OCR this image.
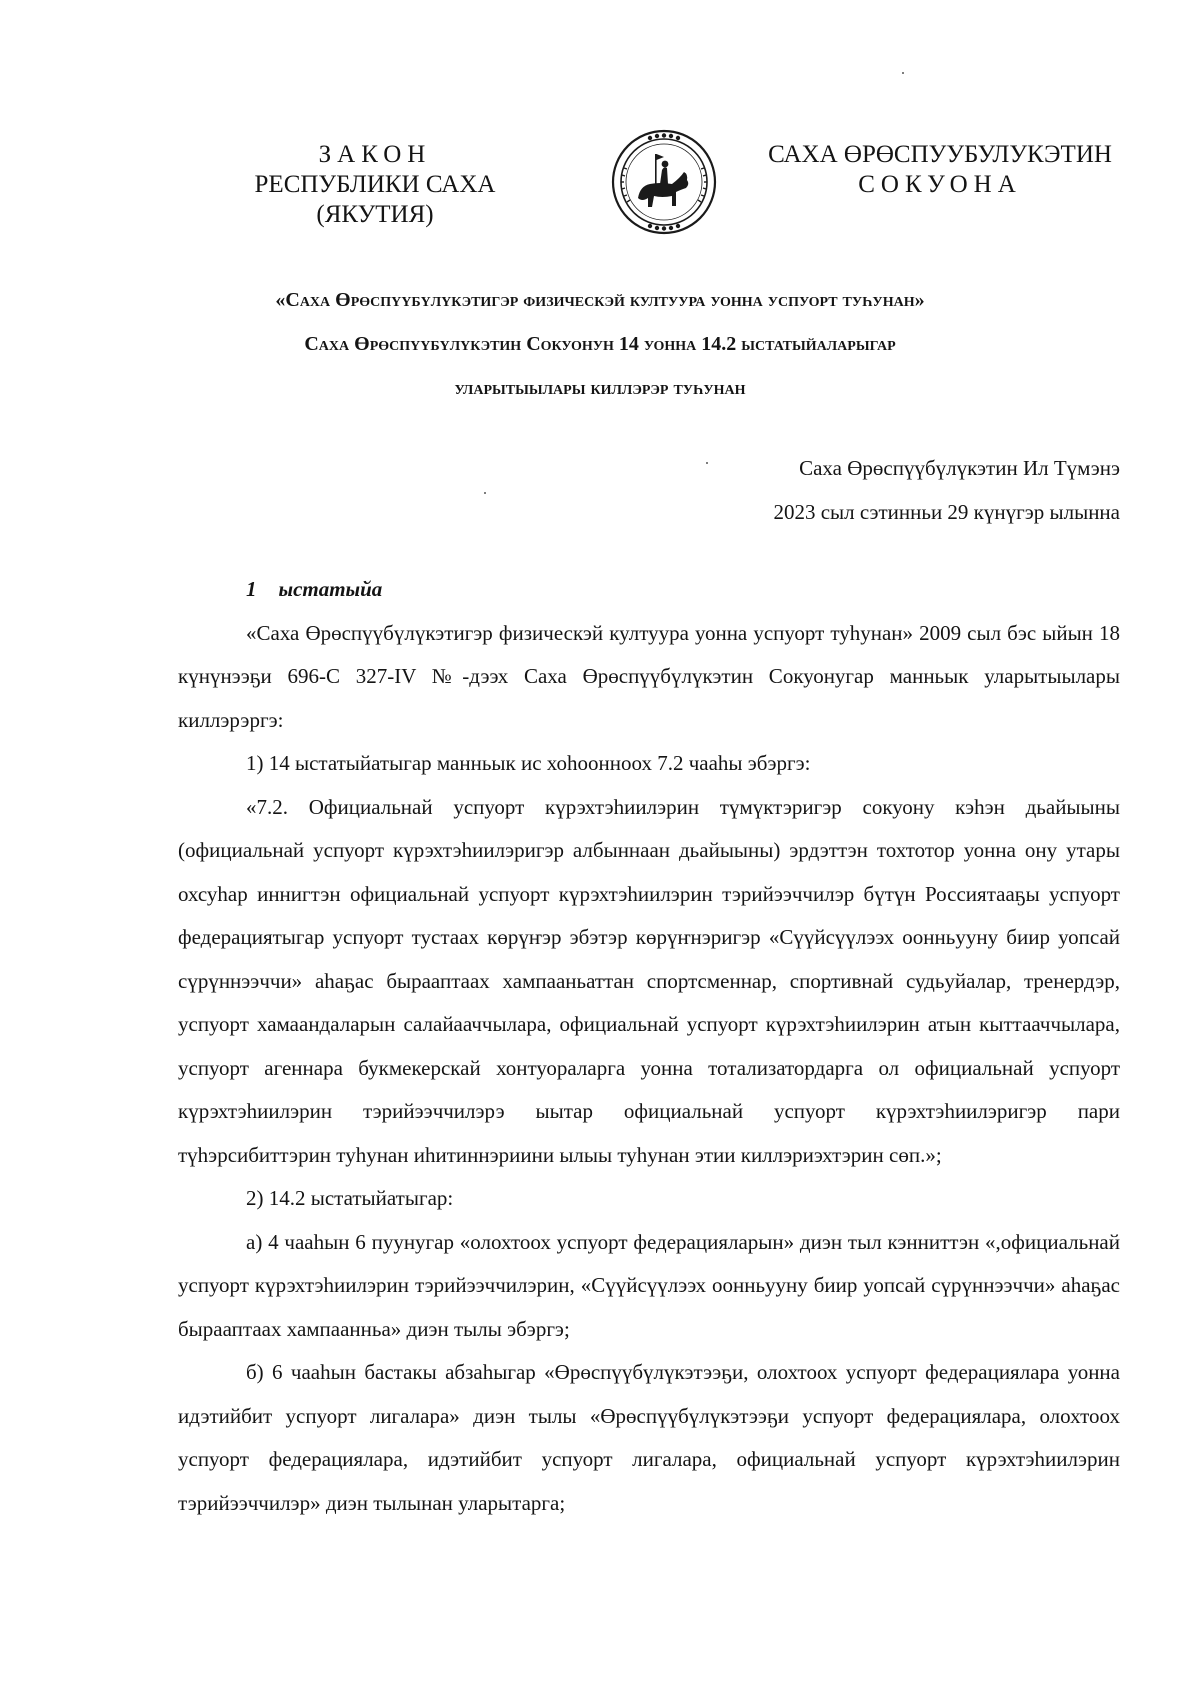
ЗАКОН
РЕСПУБЛИКИ САХА (ЯКУТИЯ)
САХА ӨРӨСПУУБУЛУКЭТИН
СОКУОНА
«Саха Өрөспүүбүлүкэтигэр физическэй култуура уонна успуорт туһунан»
Саха Өрөспүүбүлүкэтин Сокуонун 14 уонна 14.2 ыстатыйаларыгар
уларытыылары киллэрэр туһунан
Саха Өрөспүүбүлүкэтин Ил Түмэнэ
2023 сыл сэтинньи 29 күнүгэр ылынна

1 ыстатыйа

«Саха Өрөспүүбүлүкэтигэр физическэй култуура уонна успуорт туһунан» 2009 сыл бэс ыйын 18 күнүнээҕи 696-С 327-IV №-дээх Саха Өрөспүүбүлүкэтин Сокуонугар манньык уларытыылары киллэрэргэ:

1) 14 ыстатыйатыгар манньык ис хоһоонноох 7.2 чааһы эбэргэ:

«7.2. Официальнай успуорт күрэхтэһиилэрин түмүктэригэр сокуону кэһэн дьайыыны (официальнай успуорт күрэхтэһиилэригэр албыннаан дьайыыны) эрдэттэн тохтотор уонна ону утары охсуһар иннигтэн официальнай успуорт күрэхтэһиилэрин тэрийээччилэр бүтүн Россиятааҕы успуорт федерациятыгар успуорт тустаах көрүҥэр эбэтэр көрүҥнэригэр «Сүүйсүүлээх оонньууну биир уопсай сүрүннээччи» аһаҕас бырааптаах хампааньаттан спортсменнар, спортивнай судьуйалар, тренердэр, успуорт хамаандаларын салайааччылара, официальнай успуорт күрэхтэһиилэрин атын кыттааччылара, успуорт агеннара букмекерскай хонтуораларга уонна тотализатордарга ол официальнай успуорт күрэхтэһиилэрин тэрийээччилэрэ ыытар официальнай успуорт күрэхтэһиилэригэр пари түһэрсибиттэрин туһунан иһитиннэриини ылыы туһунан этии киллэриэхтэрин сөп.»;

2) 14.2 ыстатыйатыгар:

а) 4 чааһын 6 пуунугар «олохтоох успуорт федерацияларын» диэн тыл кэнниттэн «,официальнай успуорт күрэхтэһиилэрин тэрийээччилэрин, «Сүүйсүүлээх оонньууну биир уопсай сүрүннээччи» аһаҕас бырааптаах хампаанньа» диэн тылы эбэргэ;

б) 6 чааһын бастакы абзаһыгар «Өрөспүүбүлүкэтээҕи, олохтоох успуорт федерациялара уонна идэтийбит успуорт лигалара» диэн тылы «Өрөспүүбүлүкэтээҕи успуорт федерациялара, олохтоох успуорт федерациялара, идэтийбит успуорт лигалара, официальнай успуорт күрэхтэһиилэрин тэрийээччилэр» диэн тылынан уларытарга;
